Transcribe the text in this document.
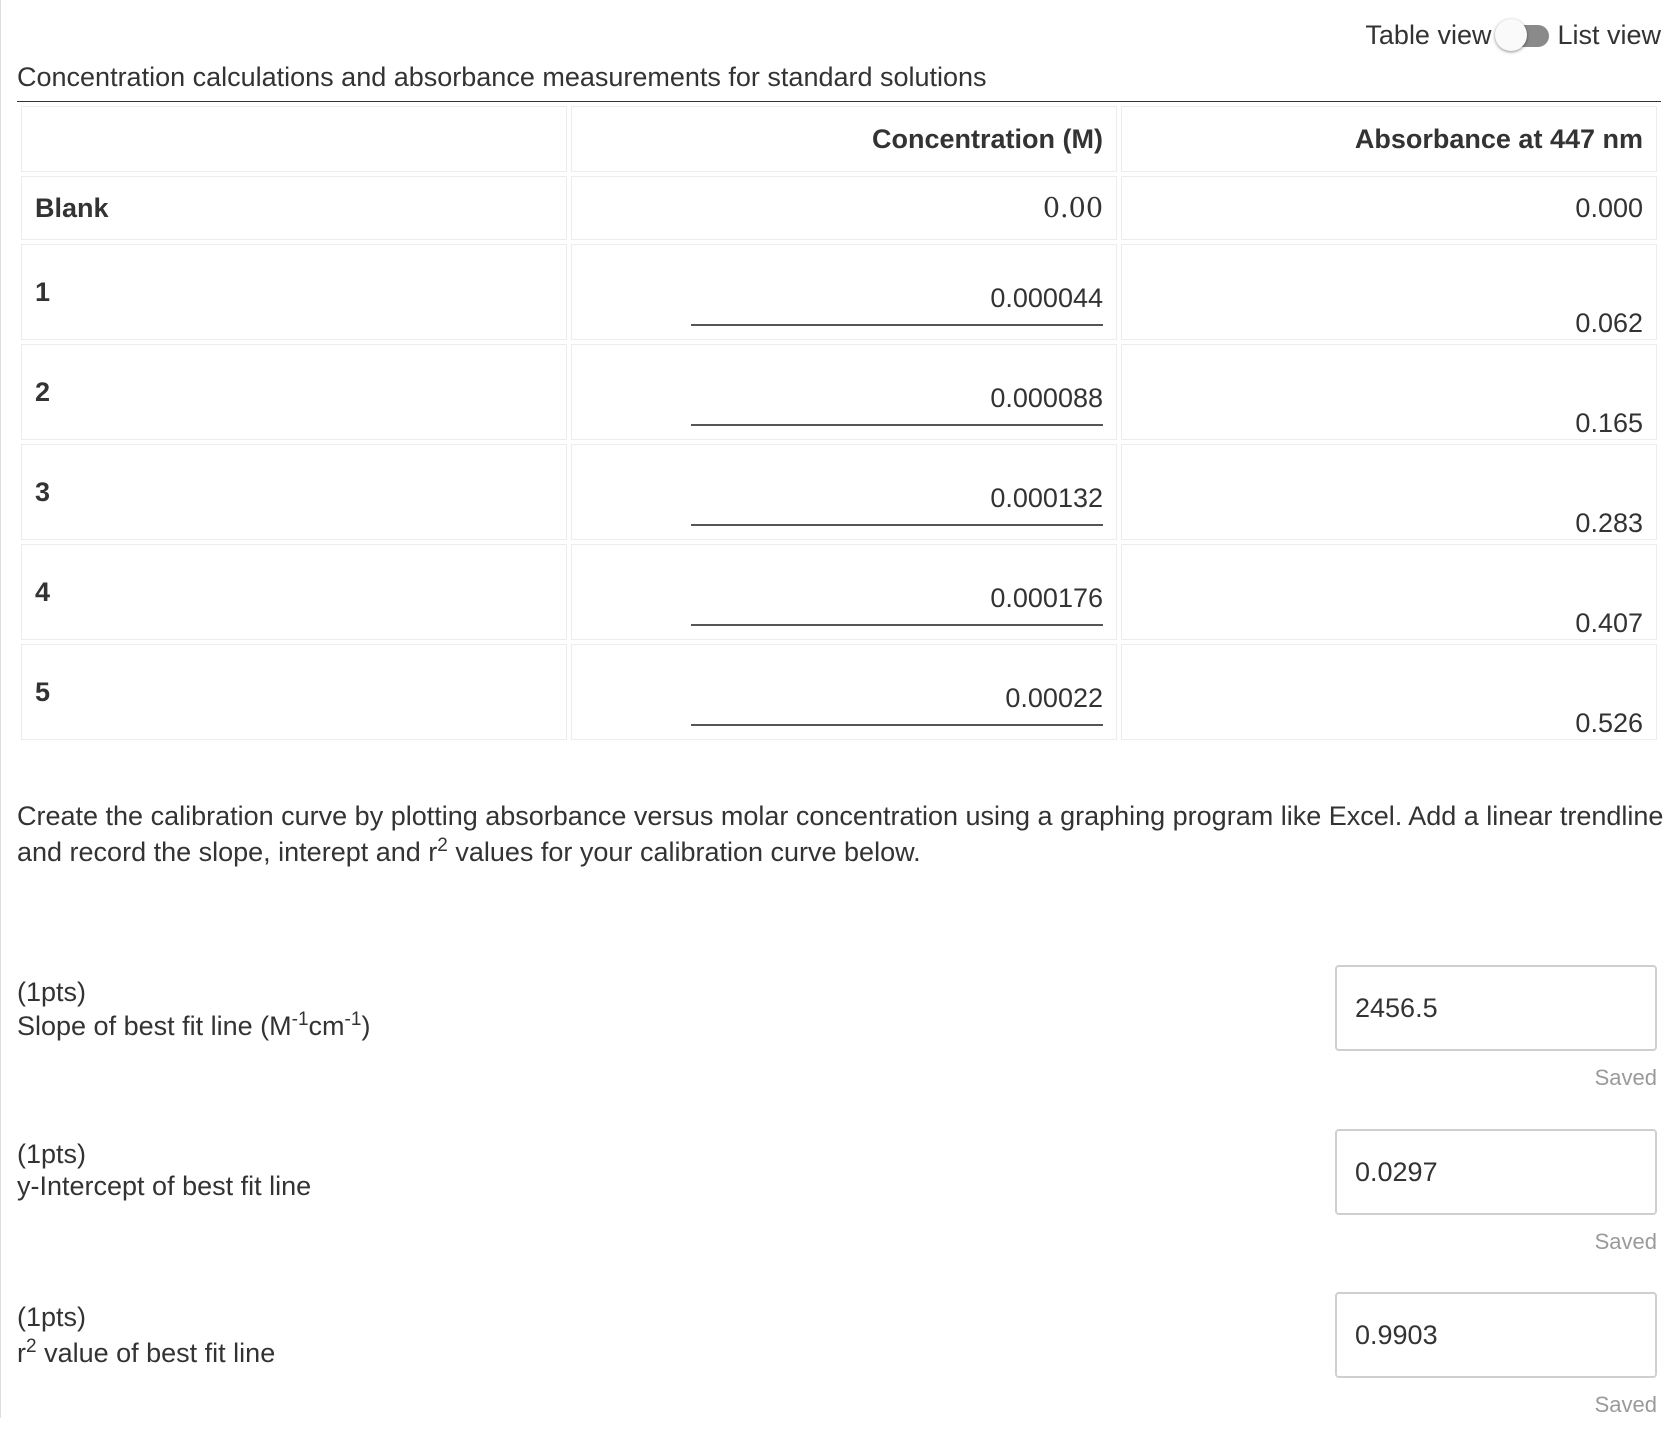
Table view List view
Concentration calculations and absorbance measurements for standard solutions
	Concentration (M)	Absorbance at 447 nm
Blank	0.00	0.000
1	0.000044	0.062
2	0.000088	0.165
3	0.000132	0.283
4	0.000176	0.407
5	0.00022	0.526
Create the calibration curve by plotting absorbance versus molar concentration using a graphing program like Excel. Add a linear trendline and record the slope, interept and $r^2$ values for your calibration curve below.
(1pts)
Slope of best fit line $(M^{-1}cm^{-1})$
2456.5
Saved
(1pts)
y-Intercept of best fit line	0.0297
Saved
(1pts)
$r^2$ value of best fit line
0.9903
Saved
